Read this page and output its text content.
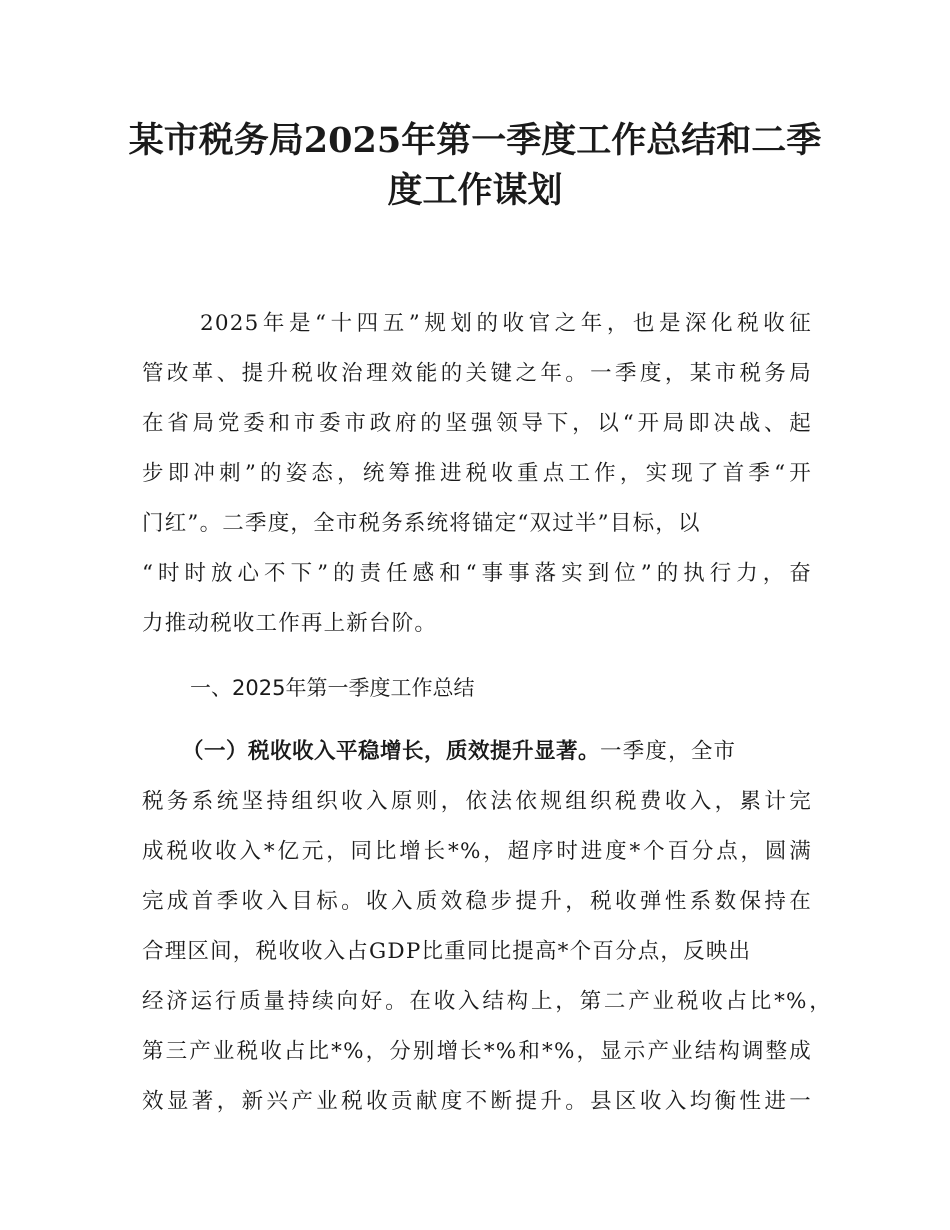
某市税务局2025年第一季度工作总结和二季
度工作谋划
2025年是“十四五”规划的收官之年，也是深化税收征
管改革、提升税收治理效能的关键之年。一季度，某市税务局
在省局党委和市委市政府的坚强领导下，以“开局即决战、起
步即冲刺”的姿态，统筹推进税收重点工作，实现了首季“开
门红”。二季度，全市税务系统将锚定“双过半”目标，以
“时时放心不下”的责任感和“事事落实到位”的执行力，奋
力推动税收工作再上新台阶。
一、2025年第一季度工作总结
（一）税收收入平稳增长，质效提升显著。一季度，全市
税务系统坚持组织收入原则，依法依规组织税费收入，累计完
成税收收入*亿元，同比增长*%，超序时进度*个百分点，圆满
完成首季收入目标。收入质效稳步提升，税收弹性系数保持在
合理区间，税收收入占GDP比重同比提高*个百分点，反映出
经济运行质量持续向好。在收入结构上，第二产业税收占比*%，
第三产业税收占比*%，分别增长*%和*%，显示产业结构调整成
效显著，新兴产业税收贡献度不断提升。县区收入均衡性进一
